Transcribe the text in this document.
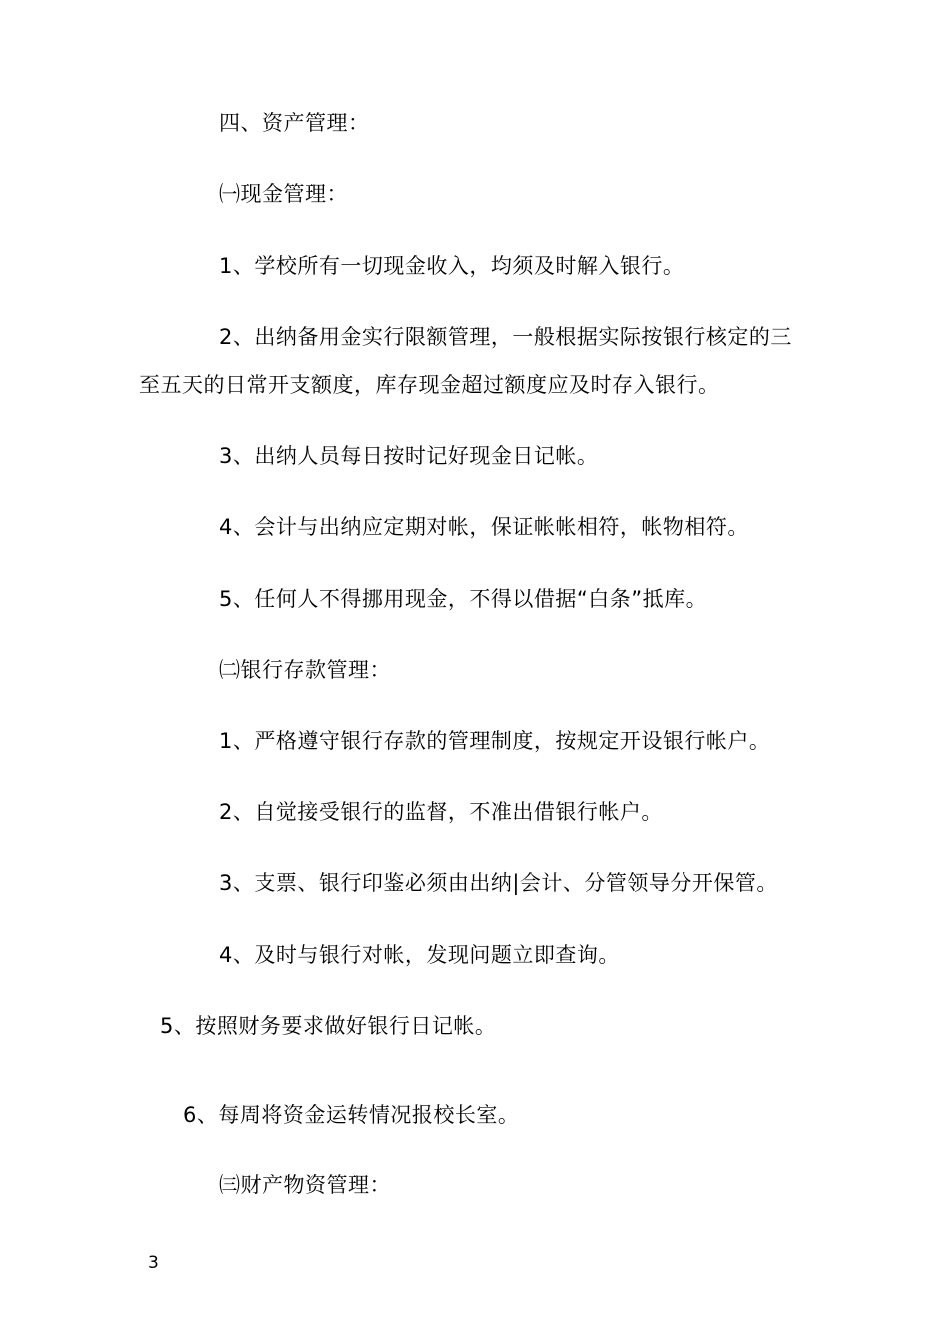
四、资产管理：
㈠现金管理：
1、学校所有一切现金收入，均须及时解入银行。
2、出纳备用金实行限额管理，一般根据实际按银行核定的三
至五天的日常开支额度，库存现金超过额度应及时存入银行。
3、出纳人员每日按时记好现金日记帐。
4、会计与出纳应定期对帐，保证帐帐相符，帐物相符。
5、任何人不得挪用现金，不得以借据“白条”抵库。
㈡银行存款管理：
1、严格遵守银行存款的管理制度，按规定开设银行帐户。
2、自觉接受银行的监督，不准出借银行帐户。
3、支票、银行印鉴必须由出纳|会计、分管领导分开保管。
4、及时与银行对帐，发现问题立即查询。
5、按照财务要求做好银行日记帐。
6、每周将资金运转情况报校长室。
㈢财产物资管理：
3
